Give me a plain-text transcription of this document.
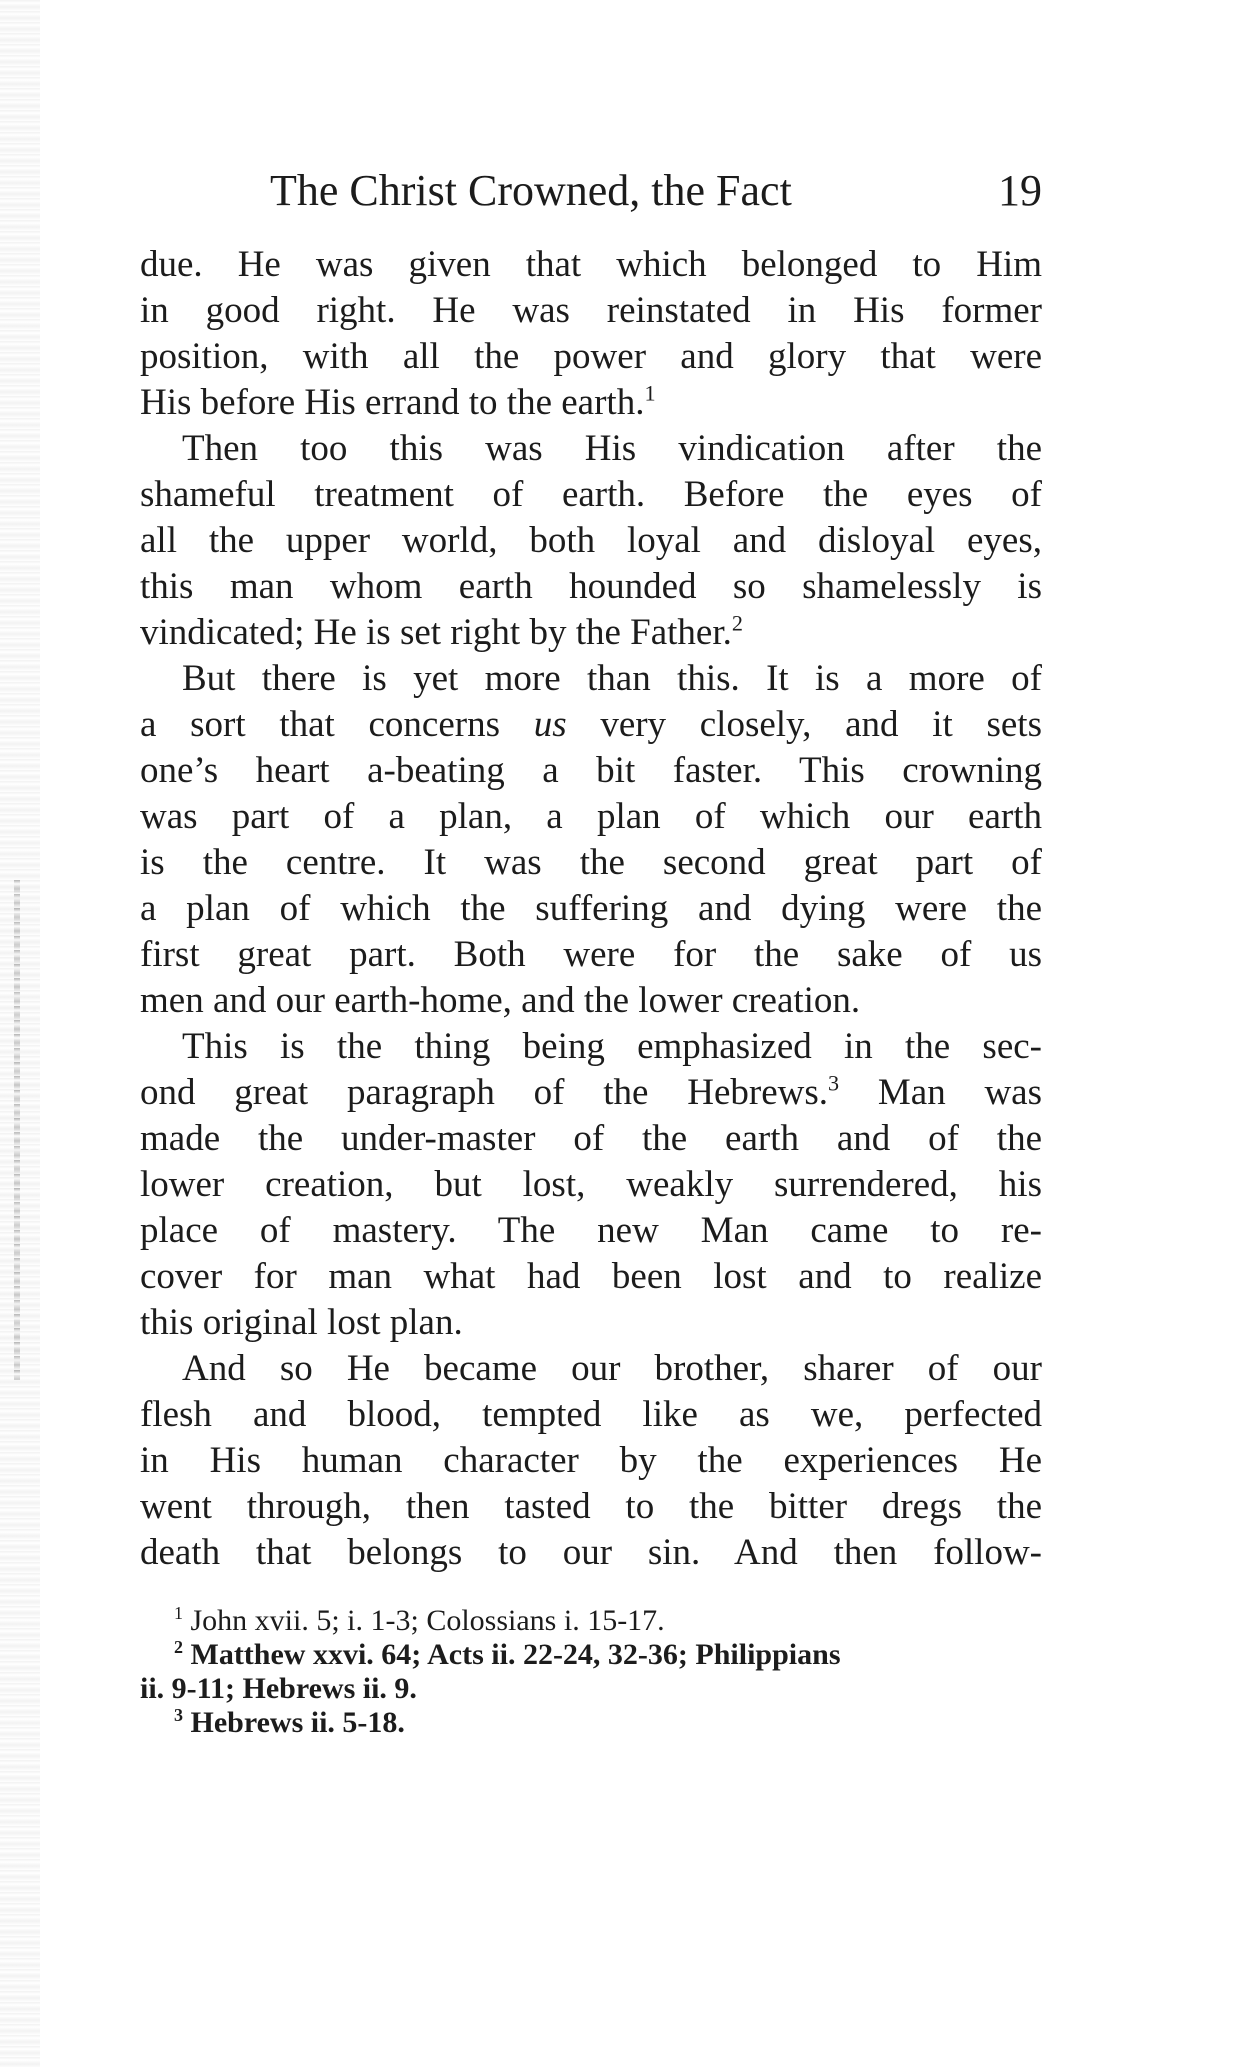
The Christ Crowned, the Fact	19
due. He was given that which belonged to Him
in good right. He was reinstated in His former
position, with all the power and glory that were
His before His errand to the earth.$^1$
Then too this was His vindication after the
shameful treatment of earth. Before the eyes of
all the upper world, both loyal and disloyal eyes,
this man whom earth hounded so shamelessly is
vindicated; He is set right by the Father.$^2$
But there is yet more than this. It is a more of
a sort that concerns us very closely, and it sets
one’s heart a-beating a bit faster. This crowning
was part of a plan, a plan of which our earth
is the centre. It was the second great part of
a plan of which the suffering and dying were the
first great part. Both were for the sake of us
men and our earth-home, and the lower creation.
This is the thing being emphasized in the sec-
ond great paragraph of the Hebrews.$^3$ Man was
made the under-master of the earth and of the
lower creation, but lost, weakly surrendered, his
place of mastery. The new Man came to re-
cover for man what had been lost and to realize
this original lost plan.
And so He became our brother, sharer of our
flesh and blood, tempted like as we, perfected
in His human character by the experiences He
went through, then tasted to the bitter dregs the
death that belongs to our sin. And then follow-
$^1$ John xvii. 5; i. 1-3; Colossians i. 15-17.
$^2$ Matthew xxvi. 64; Acts ii. 22-24, 32-36; Philippians
ii. 9-11; Hebrews ii. 9.
$^3$ Hebrews ii. 5-18.
